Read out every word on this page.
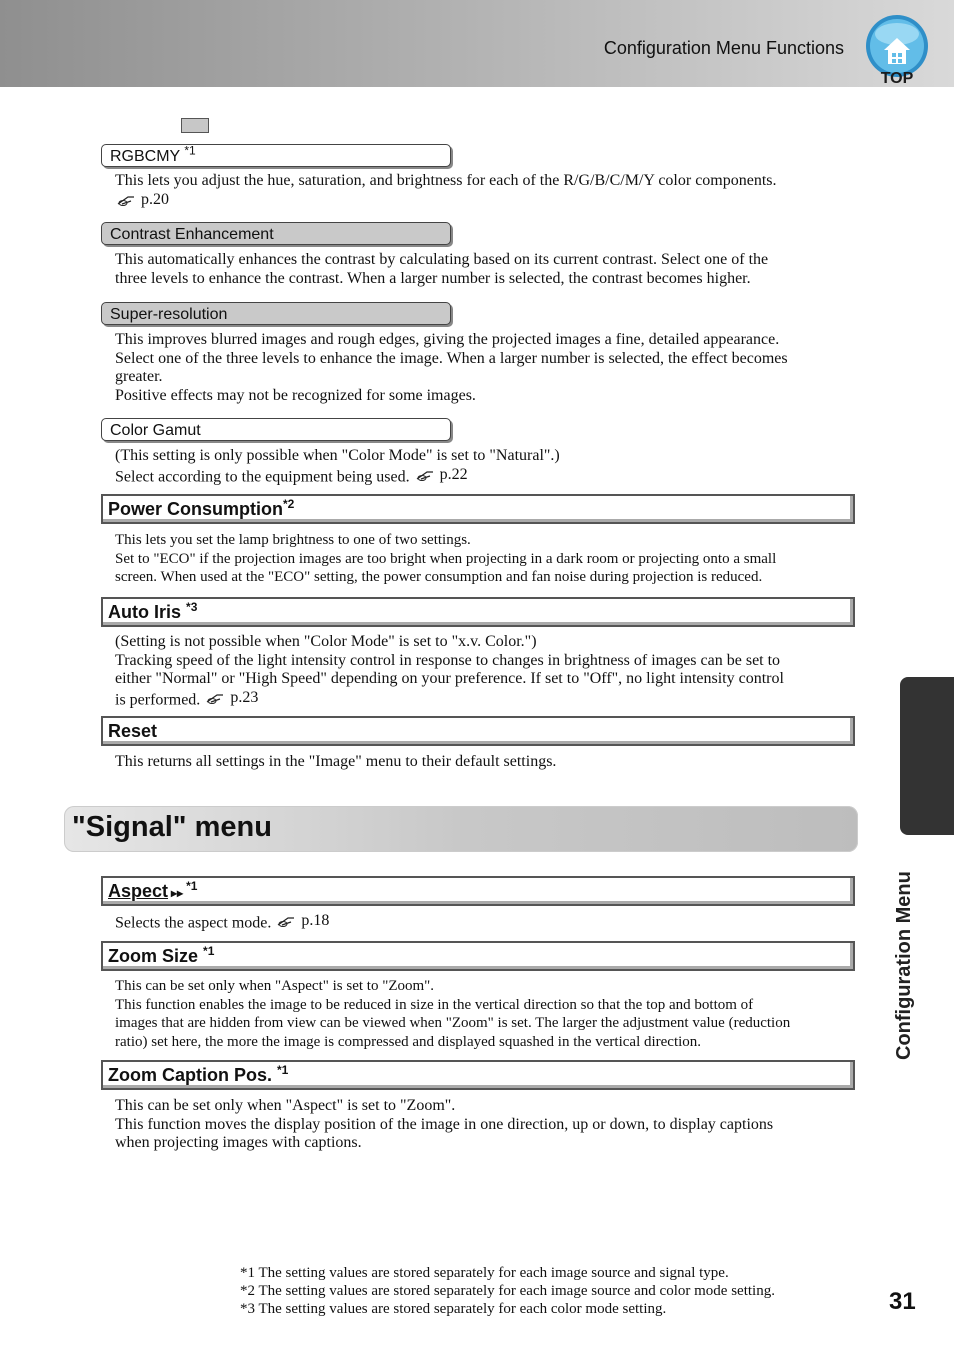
Configuration Menu Functions
TOP
RGBCMY $^{*1}$
This lets you adjust the hue, saturation, and brightness for each of the R/G/B/C/M/Y color components.
p.20
Contrast Enhancement
This automatically enhances the contrast by calculating based on its current contrast. Select one of the
three levels to enhance the contrast. When a larger number is selected, the contrast becomes higher.
Super-resolution
This improves blurred images and rough edges, giving the projected images a fine, detailed appearance.
Select one of the three levels to enhance the image. When a larger number is selected, the effect becomes
greater.
Positive effects may not be recognized for some images.
Color Gamut
(This setting is only possible when "Color Mode" is set to "Natural".)
Select according to the equipment being used. p.22
Power Consumption$^{*2}$
This lets you set the lamp brightness to one of two settings.
Set to "ECO" if the projection images are too bright when projecting in a dark room or projecting onto a small
screen. When used at the "ECO" setting, the power consumption and fan noise during projection is reduced.
Auto Iris $^{*3}$
(Setting is not possible when "Color Mode" is set to "x.v. Color.")
Tracking speed of the light intensity control in response to changes in brightness of images can be set to
either "Normal" or "High Speed" depending on your preference. If set to "Off", no light intensity control
is performed. p.23
Reset
This returns all settings in the "Image" menu to their default settings.
"Signal" menu
Aspect ▸▸ $^{*1}$
Selects the aspect mode. p.18
Zoom Size $^{*1}$
This can be set only when "Aspect" is set to "Zoom".
This function enables the image to be reduced in size in the vertical direction so that the top and bottom of
images that are hidden from view can be viewed when "Zoom" is set. The larger the adjustment value (reduction
ratio) set here, the more the image is compressed and displayed squashed in the vertical direction.
Zoom Caption Pos. $^{*1}$
This can be set only when "Aspect" is set to "Zoom".
This function moves the display position of the image in one direction, up or down, to display captions
when projecting images with captions.
Configuration Menu
*1 The setting values are stored separately for each image source and signal type.
*2 The setting values are stored separately for each image source and color mode setting.
*3 The setting values are stored separately for each color mode setting.	31
